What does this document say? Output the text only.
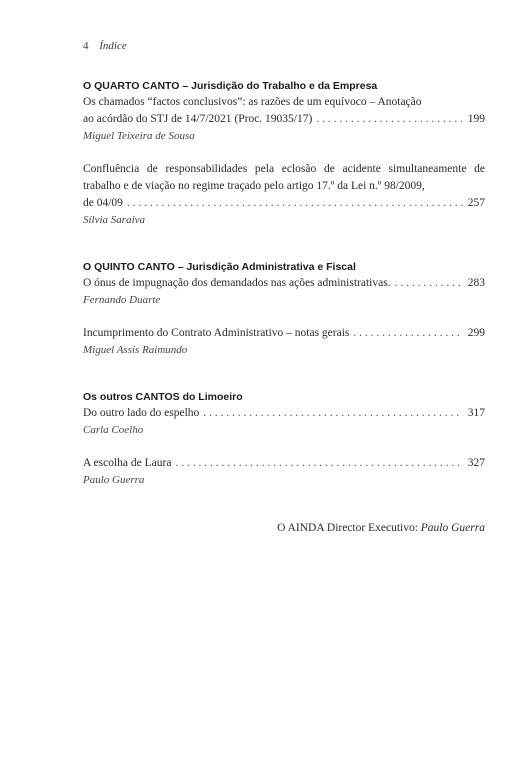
4 Índice
O QUARTO CANTO – Jurisdição do Trabalho e da Empresa
Os chamados “factos conclusivos”: as razões de um equívoco – Anotação
ao acórdão do STJ de 14/7/2021 (Proc. 19035/17) . . .	199
Miguel Teixeira de Sousa
Confluência de responsabilidades pela eclosão de acidente simultaneamente de trabalho e de viação no regime traçado pelo artigo 17.º da Lei n.º 98/2009,
de 04/09 . . .	257
Sílvia Saraiva
O QUINTO CANTO – Jurisdição Administrativa e Fiscal
O ónus de impugnação dos demandados nas ações administrativas. . . .	283
Fernando Duarte
Incumprimento do Contrato Administrativo – notas gerais . . .	299
Miguel Assis Raimundo
Os outros CANTOS do Limoeiro
Do outro lado do espelho . . .	317
Carla Coelho
A escolha de Laura . . .	327
Paulo Guerra
O AINDA Director Executivo: Paulo Guerra
